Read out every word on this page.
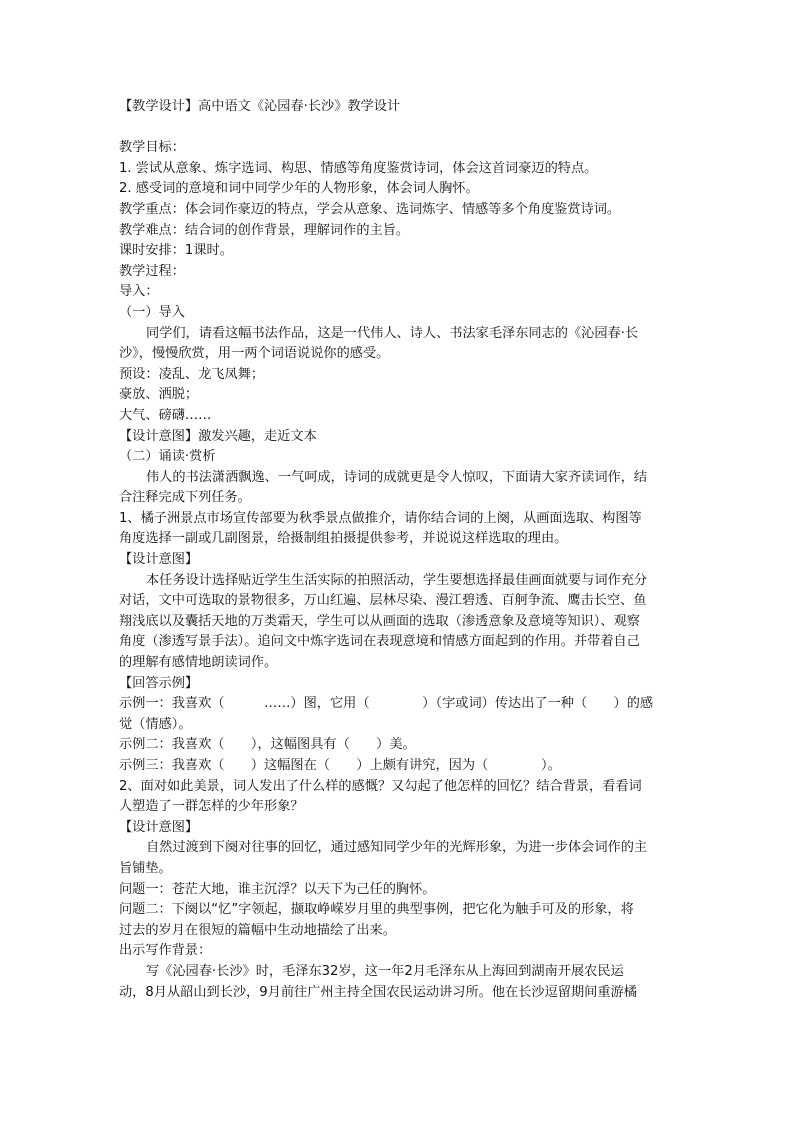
【教学设计】高中语文《沁园春·长沙》教学设计
教学目标：
1. 尝试从意象、炼字选词、构思、情感等角度鉴赏诗词，体会这首词豪迈的特点。
2. 感受词的意境和词中同学少年的人物形象，体会词人胸怀。
教学重点：体会词作豪迈的特点，学会从意象、选词炼字、情感等多个角度鉴赏诗词。
教学难点：结合词的创作背景，理解词作的主旨。
课时安排：1课时。
教学过程：
导入：
（一）导入
同学们，请看这幅书法作品，这是一代伟人、诗人、书法家毛泽东同志的《沁园春·长
沙》，慢慢欣赏，用一两个词语说说你的感受。
预设：凌乱、龙飞凤舞；
豪放、洒脱；
大气、磅礴……
【设计意图】激发兴趣，走近文本
（二）诵读·赏析
伟人的书法潇洒飘逸、一气呵成，诗词的成就更是令人惊叹，下面请大家齐读词作，结
合注释完成下列任务。
1、橘子洲景点市场宣传部要为秋季景点做推介，请你结合词的上阕，从画面选取、构图等
角度选择一副或几副图景，给摄制组拍摄提供参考，并说说这样选取的理由。
【设计意图】
本任务设计选择贴近学生生活实际的拍照活动，学生要想选择最佳画面就要与词作充分
对话，文中可选取的景物很多，万山红遍、层林尽染、漫江碧透、百舸争流、鹰击长空、鱼
翔浅底以及囊括天地的万类霜天，学生可以从画面的选取（渗透意象及意境等知识）、观察
角度（渗透写景手法）。追问文中炼字选词在表现意境和情感方面起到的作用。并带着自己
的理解有感情地朗读词作。
【回答示例】
示例一：我喜欢（　　　……）图，它用（　　　　）（字或词）传达出了一种（　　）的感
觉（情感）。
示例二：我喜欢（　　），这幅图具有（　　）美。
示例三：我喜欢（　　）这幅图在（　　）上颇有讲究，因为（　　　　）。
2、面对如此美景，词人发出了什么样的感慨？又勾起了他怎样的回忆？结合背景，看看词
人塑造了一群怎样的少年形象？
【设计意图】
自然过渡到下阕对往事的回忆，通过感知同学少年的光辉形象，为进一步体会词作的主
旨铺垫。
问题一：苍茫大地，谁主沉浮？以天下为己任的胸怀。
问题二：下阕以“忆”字领起，撷取峥嵘岁月里的典型事例，把它化为触手可及的形象，将
过去的岁月在很短的篇幅中生动地描绘了出来。
出示写作背景：
写《沁园春·长沙》时，毛泽东32岁，这一年2月毛泽东从上海回到湖南开展农民运
动，8月从韶山到长沙，9月前往广州主持全国农民运动讲习所。他在长沙逗留期间重游橘
